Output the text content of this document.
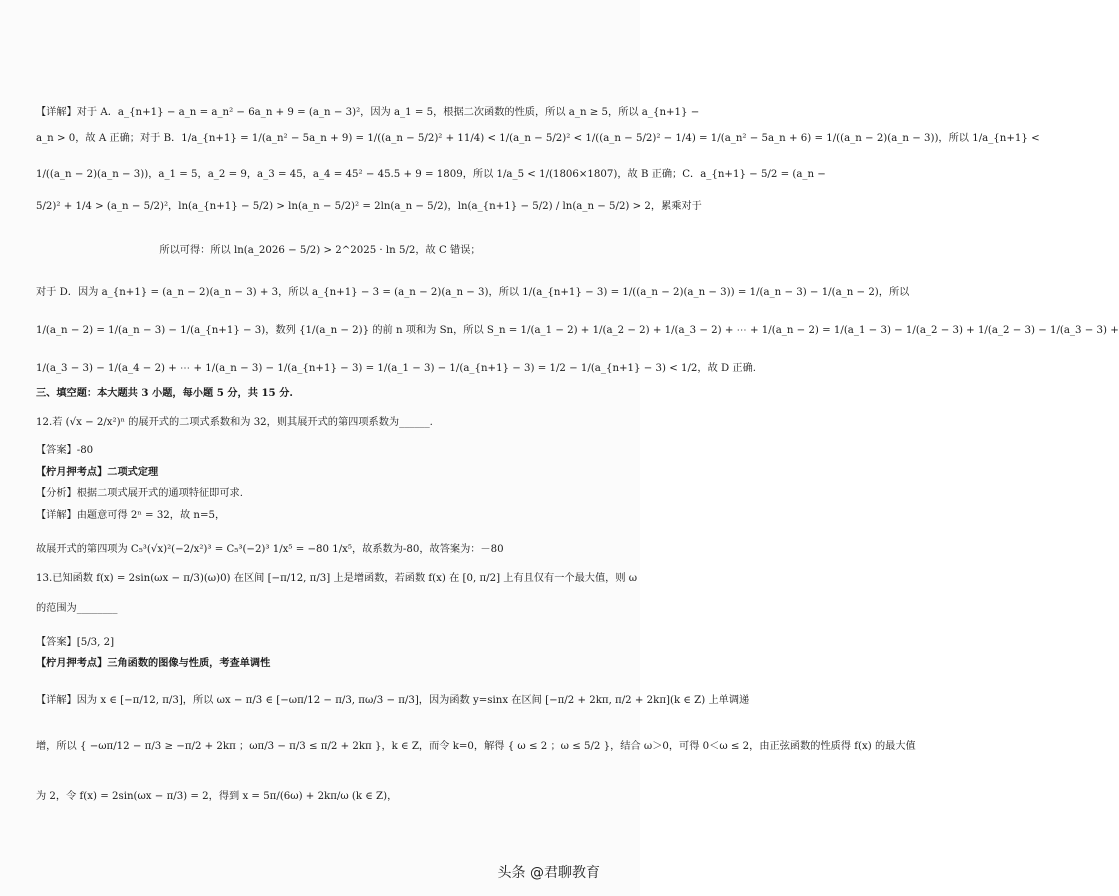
【详解】对于 A．a_{n+1} − a_n = a_n² − 6a_n + 9 = (a_n − 3)²，因为 a_1 = 5，根据二次函数的性质，所以 a_n ≥ 5，所以 a_{n+1} −
a_n > 0，故 A 正确；对于 B．1/a_{n+1} = 1/(a_n² − 5a_n + 9) = 1/((a_n − 5/2)² + 11/4) < 1/(a_n − 5/2)² < 1/((a_n − 5/2)² − 1/4) = 1/(a_n² − 5a_n + 6) = 1/((a_n − 2)(a_n − 3))，所以 1/a_{n+1} <
1/((a_n − 2)(a_n − 3))，a_1 = 5，a_2 = 9，a_3 = 45，a_4 = 45² − 45.5 + 9 = 1809，所以 1/a_5 < 1/(1806×1807)，故 B 正确；C．a_{n+1} − 5/2 = (a_n −
5/2)² + 1/4 > (a_n − 5/2)²，ln(a_{n+1} − 5/2) > ln(a_n − 5/2)² = 2ln(a_n − 5/2)，ln(a_{n+1} − 5/2) / ln(a_n − 5/2) > 2，累乘对于
所以可得：所以 ln(a_2026 − 5/2) > 2^2025 · ln 5/2，故 C 错误；
对于 D．因为 a_{n+1} = (a_n − 2)(a_n − 3) + 3，所以 a_{n+1} − 3 = (a_n − 2)(a_n − 3)，所以 1/(a_{n+1} − 3) = 1/((a_n − 2)(a_n − 3)) = 1/(a_n − 3) − 1/(a_n − 2)，所以
1/(a_n − 2) = 1/(a_n − 3) − 1/(a_{n+1} − 3)，数列 {1/(a_n − 2)} 的前 n 项和为 Sn，所以 S_n = 1/(a_1 − 2) + 1/(a_2 − 2) + 1/(a_3 − 2) + ⋯ + 1/(a_n − 2) = 1/(a_1 − 3) − 1/(a_2 − 3) + 1/(a_2 − 3) − 1/(a_3 − 3) +
1/(a_3 − 3) − 1/(a_4 − 2) + ⋯ + 1/(a_n − 3) − 1/(a_{n+1} − 3) = 1/(a_1 − 3) − 1/(a_{n+1} − 3) = 1/2 − 1/(a_{n+1} − 3) < 1/2，故 D 正确.
三、填空题：本大题共 3 小题，每小题 5 分，共 15 分.
12.若 (√x − 2/x²)ⁿ 的展开式的二项式系数和为 32，则其展开式的第四项系数为______.
【答案】-80
【柠月押考点】二项式定理
【分析】根据二项式展开式的通项特征即可求.
【详解】由题意可得 2ⁿ = 32，故 n=5，
故展开式的第四项为 C₅³(√x)²(−2/x²)³ = C₅³(−2)³ 1/x⁵ = −80 1/x⁵，故系数为-80，故答案为：－80
13.已知函数 f(x) = 2sin(ωx − π/3)(ω)0) 在区间 [−π/12, π/3] 上是增函数，若函数 f(x) 在 [0, π/2] 上有且仅有一个最大值，则 ω
的范围为________
【答案】[5/3, 2]
【柠月押考点】三角函数的图像与性质，考查单调性
【详解】因为 x ∈ [−π/12, π/3]，所以 ωx − π/3 ∈ [−ωπ/12 − π/3, πω/3 − π/3]，因为函数 y=sinx 在区间 [−π/2 + 2kπ, π/2 + 2kπ](k ∈ Z) 上单调递
增，所以 { −ωπ/12 − π/3 ≥ −π/2 + 2kπ ；ωπ/3 − π/3 ≤ π/2 + 2kπ }，k ∈ Z，而令 k=0，解得 { ω ≤ 2 ；ω ≤ 5/2 }，结合 ω＞0，可得 0＜ω ≤ 2，由正弦函数的性质得 f(x) 的最大值
为 2，令 f(x) = 2sin(ωx − π/3) = 2，得到 x = 5π/(6ω) + 2kπ/ω (k ∈ Z)，
头条 @君聊教育
